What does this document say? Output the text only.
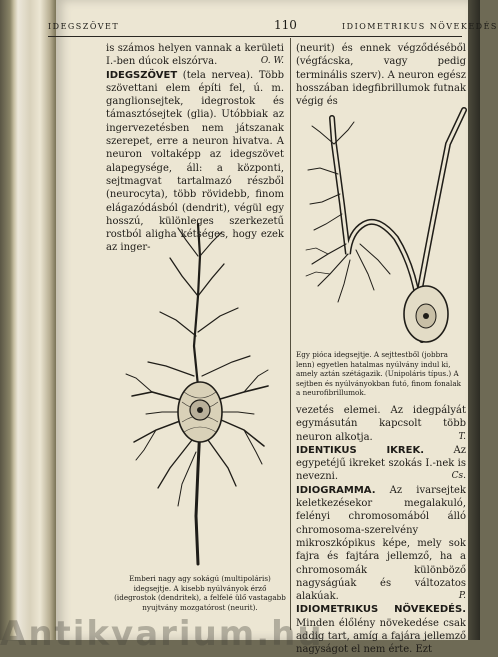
IDEGSZÖVET	110	IDIOMETRIKUS NÖVEKEDÉS

is számos helyen vannak a kerületi I.-ben dúcok elszórva.	O. W.

IDEGSZÖVET (tela nervea). Több szövettani elem építi fel, ú. m. ganglionsejtek, idegrostok és támasztósejtek (glia). Utóbbiak az ingervezetésben nem játszanak szerepet, erre a neuron hivatva. A neuron voltaképp az idegszövet alapegysége, áll: a központi, sejtmagvat tartalmazó részből (neurocyta), több rövidebb, finom elágazódásból (dendrit), végül egy hosszú, különleges szerkezetű rostból aligha kétséges, hogy ezek az inger-

Emberi nagy agy sokágú (multipoláris) idegsejtje. A kisebb nyúlványok érző (idegrostok (dendritek), a felfelé ülő vastagabb nyujtvány mozgatórost (neurit).

(neurit) és ennek végződéséből (végfácska, vagy pedig terminális szerv). A neuron egész hosszában idegfibrillumok futnak végig és

Egy pióca idegsejtje. A sejttestből (jobbra lenn) egyetlen hatalmas nyúlvány indul ki, amely aztán szétágazik. (Unipoláris típus.) A sejtben és nyúlványokban futó, finom fonalak a neurofibrillumok.

vezetés elemei. Az idegpályát egymásután kapcsolt több neuron alkotja.	T.

IDENTIKUS IKREK. Az egypetéjű ikreket szokás I.-nek is nevezni.	Cs.

IDIOGRAMMA. Az ivarsejtek keletkezésekor megalakuló, felényi chromosomából álló chromosoma-szerelvény mikroszkópikus képe, mely sok fajra és fajtára jellemző, ha a chromosomák különböző nagyságúak és változatos alakúak.	P.

IDIOMETRIKUS NÖVEKEDÉS. Minden élőlény növekedése csak addig tart, amíg a fajára jellemző nagyságot el nem érte. Ezt

Antikvarium.hu
